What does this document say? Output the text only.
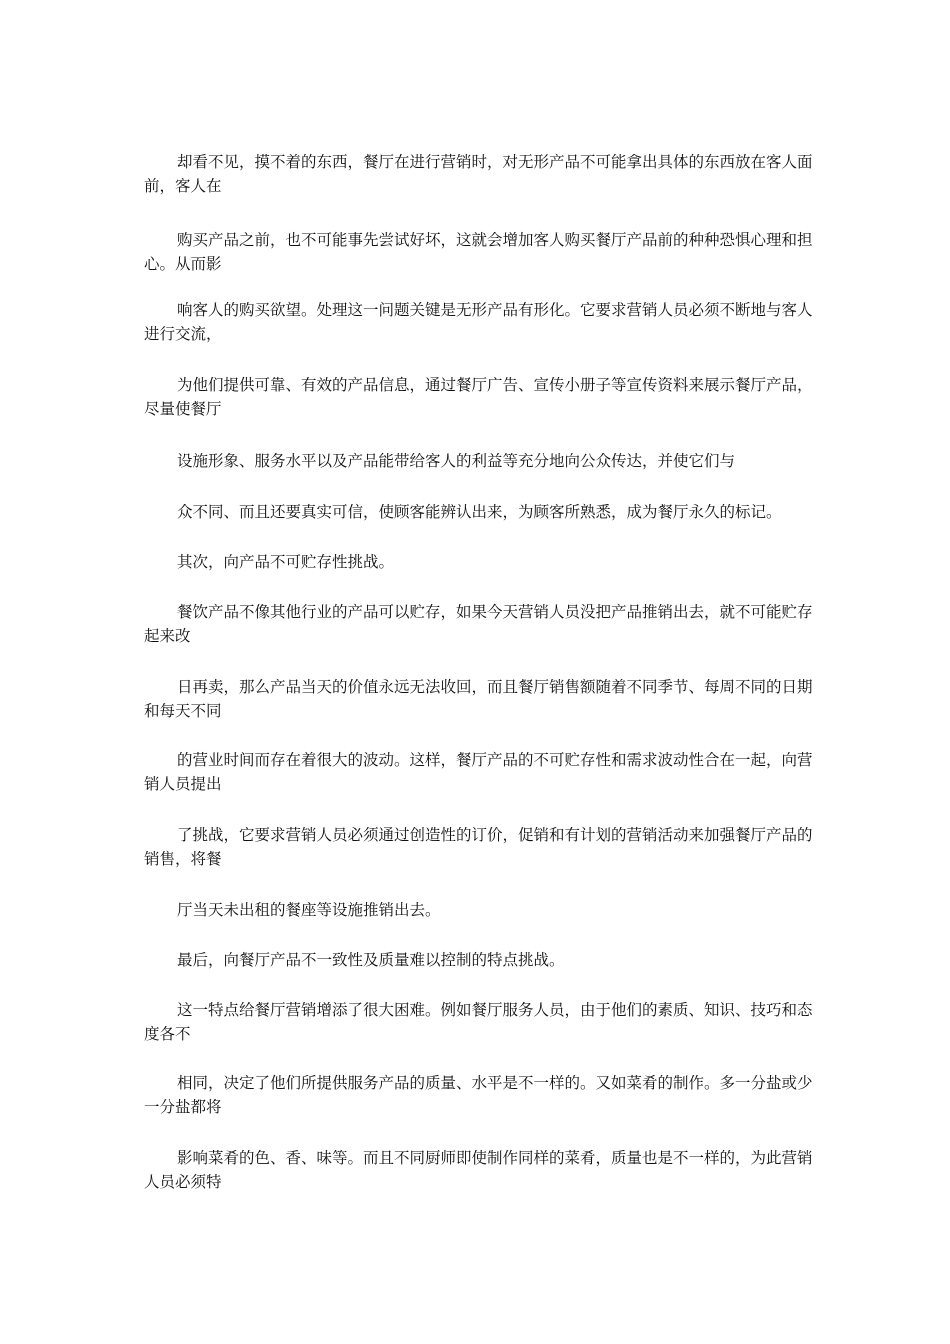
却看不见，摸不着的东西，餐厅在进行营销时，对无形产品不可能拿出具体的东西放在客人面前，客人在

购买产品之前，也不可能事先尝试好坏，这就会增加客人购买餐厅产品前的种种恐惧心理和担心。从而影

响客人的购买欲望。处理这一问题关键是无形产品有形化。它要求营销人员必须不断地与客人进行交流，

为他们提供可靠、有效的产品信息，通过餐厅广告、宣传小册子等宣传资料来展示餐厅产品，尽量使餐厅

设施形象、服务水平以及产品能带给客人的利益等充分地向公众传达，并使它们与

众不同、而且还要真实可信，使顾客能辨认出来，为顾客所熟悉，成为餐厅永久的标记。

其次，向产品不可贮存性挑战。

餐饮产品不像其他行业的产品可以贮存，如果今天营销人员没把产品推销出去，就不可能贮存起来改

日再卖，那么产品当天的价值永远无法收回，而且餐厅销售额随着不同季节、每周不同的日期和每天不同

的营业时间而存在着很大的波动。这样，餐厅产品的不可贮存性和需求波动性合在一起，向营销人员提出

了挑战，它要求营销人员必须通过创造性的订价，促销和有计划的营销活动来加强餐厅产品的销售，将餐

厅当天未出租的餐座等设施推销出去。

最后，向餐厅产品不一致性及质量难以控制的特点挑战。

这一特点给餐厅营销增添了很大困难。例如餐厅服务人员，由于他们的素质、知识、技巧和态度各不

相同，决定了他们所提供服务产品的质量、水平是不一样的。又如菜肴的制作。多一分盐或少一分盐都将

影响菜肴的色、香、味等。而且不同厨师即使制作同样的菜肴，质量也是不一样的，为此营销人员必须特
